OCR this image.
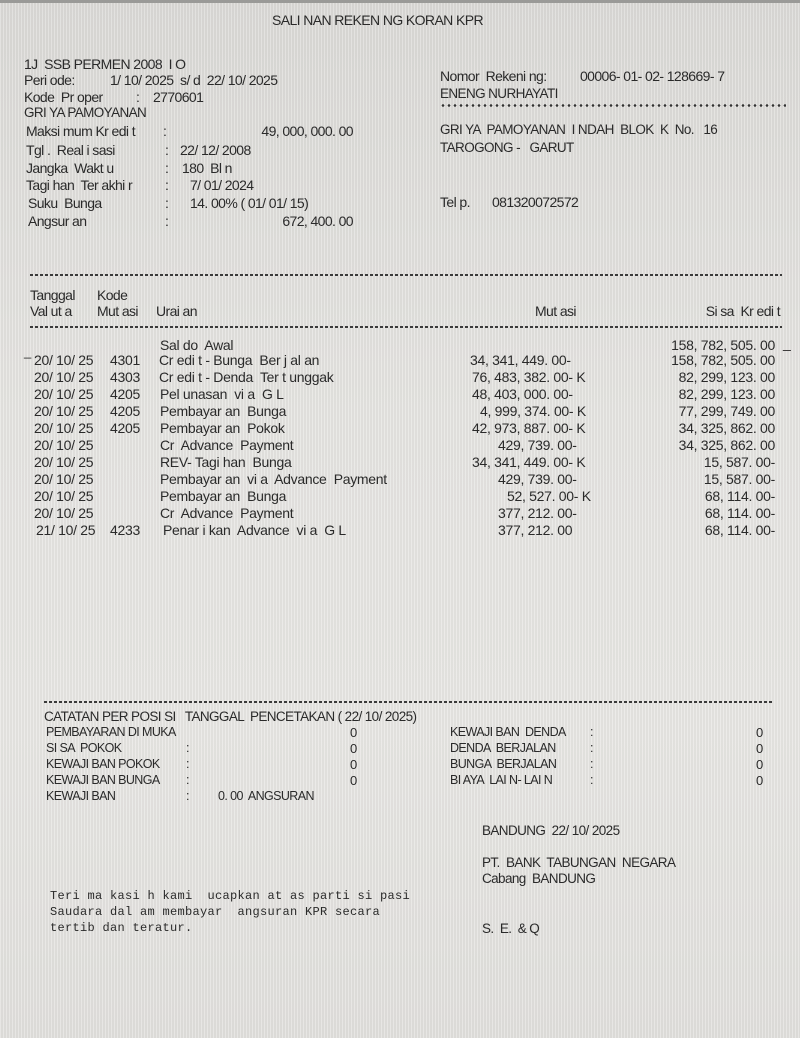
SALI NAN REKEN NG KORAN KPR
1J  SSB PERMEN 2008  I O
Peri ode:	1/ 10/ 2025  s/ d  22/ 10/ 2025
Kode  Pr oper : 2770601
GRI YA PAMOYANAN
Maksi mum Kr edi t :	49, 000, 000. 00
Tgl .  Real i sasi	: 22/ 12/ 2008
Jangka  Wakt u	: 180  Bl n
Tagi han  Ter akhi r : 7/ 01/ 2024
Suku  Bunga	: 14. 00% ( 01/ 01/ 15)
Angsur an	:	672, 400. 00
Nomor  Rekeni ng: 00006- 01- 02- 128669- 7
ENENG NURHAYATI
GRI YA  PAMOYANAN  I NDAH  BLOK  K  No.   16
TAROGONG -   GARUT
Tel p. 081320072572
Tanggal Kode
Val ut a Mut asi Urai an	Mut asi	Si sa  Kr edi t
Sal do  Awal	158, 782, 505. 00 _
_
20/ 10/ 25 4301 Cr edi t - Bunga  Ber j al an	34, 341, 449. 00-	158, 782, 505. 00
20/ 10/ 25 4303 Cr edi t - Denda  Ter t unggak	76, 483, 382. 00- K	82, 299, 123. 00
20/ 10/ 25 4205 Pel unasan  vi a  G L	48, 403, 000. 00-	82, 299, 123. 00
20/ 10/ 25 4205 Pembayar an  Bunga	4, 999, 374. 00- K	77, 299, 749. 00
20/ 10/ 25 4205 Pembayar an  Pokok	42, 973, 887. 00- K	34, 325, 862. 00
20/ 10/ 25	Cr  Advance  Payment	429, 739. 00-	34, 325, 862. 00
20/ 10/ 25	REV- Tagi han  Bunga	34, 341, 449. 00- K	15, 587. 00-
20/ 10/ 25	Pembayar an  vi a  Advance  Payment	429, 739. 00-	15, 587. 00-
20/ 10/ 25	Pembayar an  Bunga	52, 527. 00- K	68, 114. 00-
20/ 10/ 25	Cr  Advance  Payment	377, 212. 00-	68, 114. 00-
21/ 10/ 25 4233 Penar i kan  Advance  vi a  G L	377, 212. 00	68, 114. 00-
CATATAN PER POSI SI   TANGGAL  PENCETAKAN ( 22/ 10/ 2025)
PEMBAYARAN DI MUKA	0
SI SA  POKOK	:	0
KEWAJI BAN POKOK :	0
KEWAJI BAN BUNGA :	0
KEWAJI BAN	: 0. 00  ANGSURAN
KEWAJI BAN  DENDA :	0
DENDA  BERJALAN	:	0
BUNGA  BERJALAN	:	0
BI AYA  LAI N- LAI N	:	0
BANDUNG  22/ 10/ 2025
PT.  BANK  TABUNGAN  NEGARA
Cabang  BANDUNG
Teri ma kasi h kami  ucapkan at as parti si pasi
Saudara dal am membayar  angsuran KPR secara
tertib dan teratur.	S.  E.  & Q
